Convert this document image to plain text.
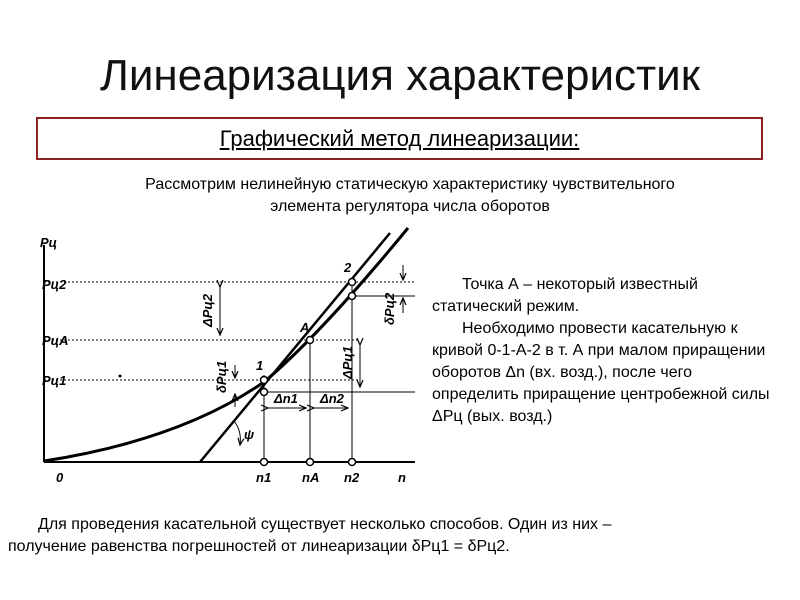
Линеаризация характеристик
Графический метод линеаризации:
Рассмотрим нелинейную статическую характеристику чувствительного
элемента регулятора числа оборотов
Pц
n
0
Pц2
PцА
Pц1
n1 nА n2
1
A
2
ΔPц2
ΔPц1
δPц1
δPц2
Δn1 Δn2
ψ

Точка А – некоторый известный статический режим.

Необходимо провести касательную к кривой 0-1-А-2 в т. А при малом приращении оборотов Δn (вх. возд.), после чего определить приращение центробежной силы ΔPц (вых. возд.)

Для проведения касательной существует несколько способов. Один из них –

получение равенства погрешностей от линеаризации δPц1 = δPц2.
